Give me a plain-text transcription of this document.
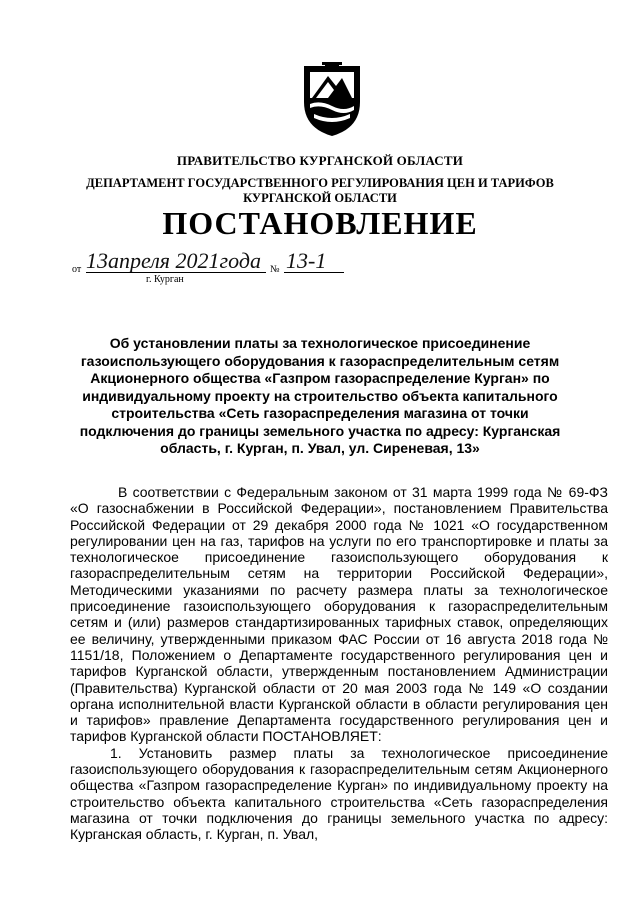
ПРАВИТЕЛЬСТВО КУРГАНСКОЙ ОБЛАСТИ
ДЕПАРТАМЕНТ ГОСУДАРСТВЕННОГО РЕГУЛИРОВАНИЯ ЦЕН И ТАРИФОВ
КУРГАНСКОЙ ОБЛАСТИ
ПОСТАНОВЛЕНИЕ
от 13апреля 2021года № 13-1
г. Курган
Об установлении платы за технологическое присоединение газоиспользующего оборудования к газораспределительным сетям Акционерного общества «Газпром газораспределение Курган» по индивидуальному проекту на строительство объекта капитального строительства «Сеть газораспределения магазина от точки подключения до границы земельного участка по адресу: Курганская область, г. Курган, п. Увал, ул. Сиреневая, 13»

В соответствии с Федеральным законом от 31 марта 1999 года № 69-ФЗ «О газоснабжении в Российской Федерации», постановлением Правительства Российской Федерации от 29 декабря 2000 года № 1021 «О государственном регулировании цен на газ, тарифов на услуги по его транспортировке и платы за технологическое присоединение газоиспользующего оборудования к газораспределительным сетям на территории Российской Федерации», Методическими указаниями по расчету размера платы за технологическое присоединение газоиспользующего оборудования к газораспределительным сетям и (или) размеров стандартизированных тарифных ставок, определяющих ее величину, утвержденными приказом ФАС России от 16 августа 2018 года № 1151/18, Положением о Департаменте государственного регулирования цен и тарифов Курганской области, утвержденным постановлением Администрации (Правительства) Курганской области от 20 мая 2003 года № 149 «О создании органа исполнительной власти Курганской области в области регулирования цен и тарифов» правление Департамента государственного регулирования цен и тарифов Курганской области ПОСТАНОВЛЯЕТ:

1. Установить размер платы за технологическое присоединение газоиспользующего оборудования к газораспределительным сетям Акционерного общества «Газпром газораспределение Курган» по индивидуальному проекту на строительство объекта капитального строительства «Сеть газораспределения магазина от точки подключения до границы земельного участка по адресу: Курганская область, г. Курган, п. Увал,
